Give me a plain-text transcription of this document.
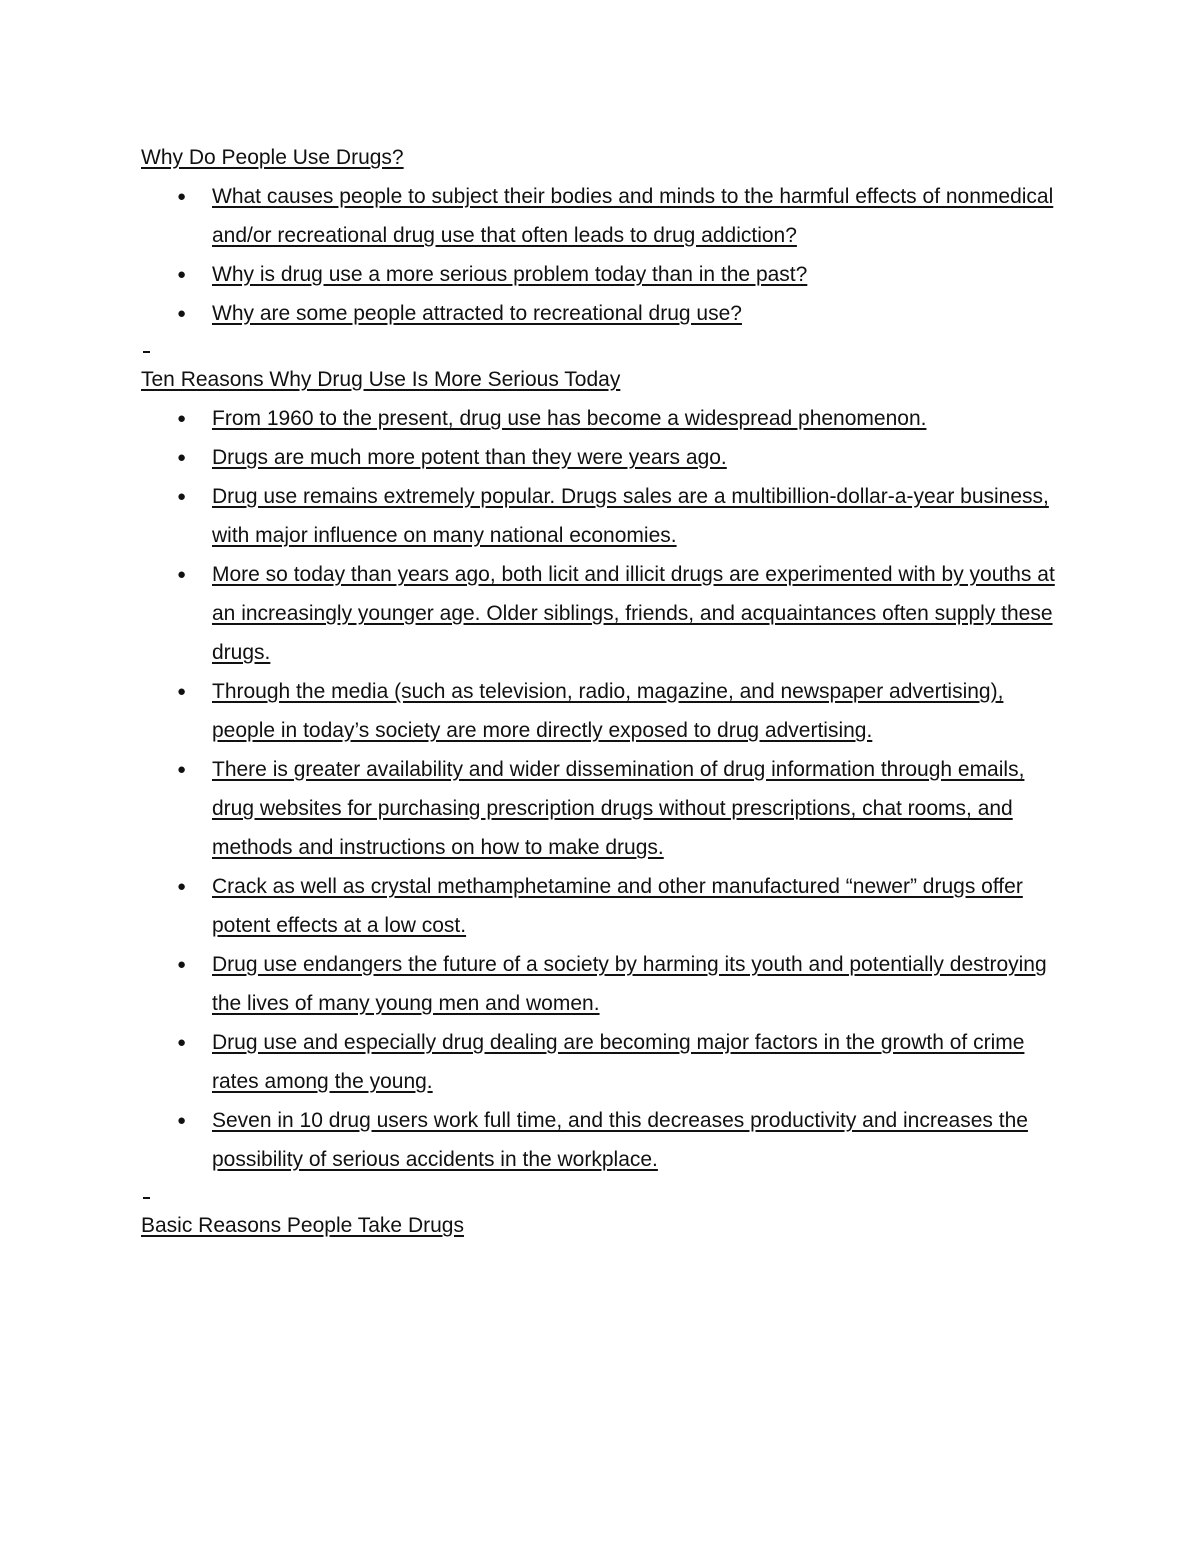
Why Do People Use Drugs?
● What causes people to subject their bodies and minds to the harmful effects of nonmedical and/or recreational drug use that often leads to drug addiction?
● Why is drug use a more serious problem today than in the past?
● Why are some people attracted to recreational drug use?
Ten Reasons Why Drug Use Is More Serious Today
● From 1960 to the present, drug use has become a widespread phenomenon.
● Drugs are much more potent than they were years ago.
● Drug use remains extremely popular. Drugs sales are a multibillion-dollar-a-year business, with major influence on many national economies.
● More so today than years ago, both licit and illicit drugs are experimented with by youths at an increasingly younger age. Older siblings, friends, and acquaintances often supply these drugs.
● Through the media (such as television, radio, magazine, and newspaper advertising), people in today’s society are more directly exposed to drug advertising.
● There is greater availability and wider dissemination of drug information through emails, drug websites for purchasing prescription drugs without prescriptions, chat rooms, and methods and instructions on how to make drugs.
● Crack as well as crystal methamphetamine and other manufactured “newer” drugs offer potent effects at a low cost.
● Drug use endangers the future of a society by harming its youth and potentially destroying the lives of many young men and women.
● Drug use and especially drug dealing are becoming major factors in the growth of crime rates among the young.
● Seven in 10 drug users work full time, and this decreases productivity and increases the possibility of serious accidents in the workplace.
Basic Reasons People Take Drugs
